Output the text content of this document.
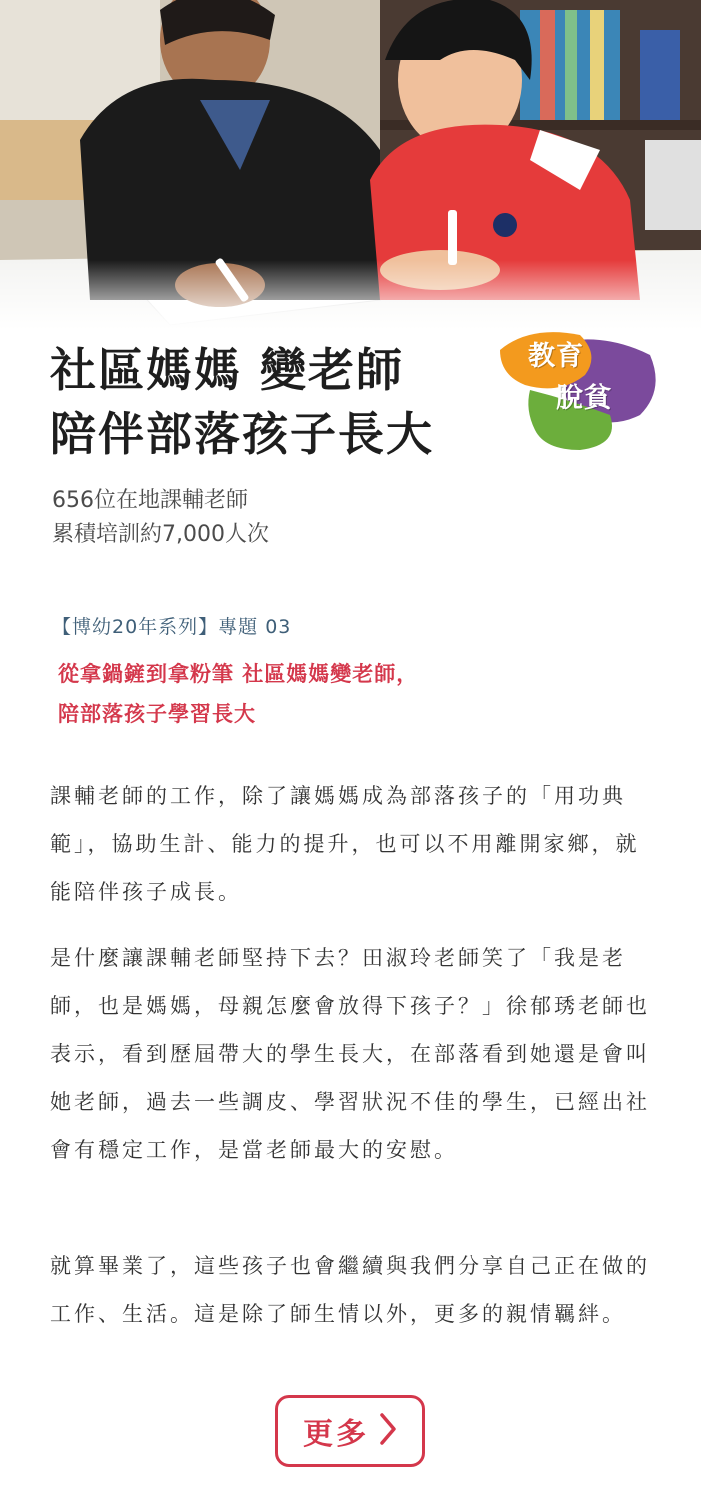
社區媽媽 變老師
陪伴部落孩子長大
教育
脫貧
656位在地課輔老師
累積培訓約7,000人次
【博幼20年系列】專題 03
從拿鍋鏟到拿粉筆 社區媽媽變老師，
陪部落孩子學習長大

課輔老師的工作，除了讓媽媽成為部落孩子的「用功典範」，協助生計、能力的提升，也可以不用離開家鄉，就能陪伴孩子成長。

是什麼讓課輔老師堅持下去？田淑玲老師笑了「我是老師，也是媽媽，母親怎麼會放得下孩子？」徐郁琇老師也表示，看到歷屆帶大的學生長大，在部落看到她還是會叫她老師，過去一些調皮、學習狀況不佳的學生，已經出社會有穩定工作，是當老師最大的安慰。

就算畢業了，這些孩子也會繼續與我們分享自己正在做的工作、生活。這是除了師生情以外，更多的親情羈絆。

更多
